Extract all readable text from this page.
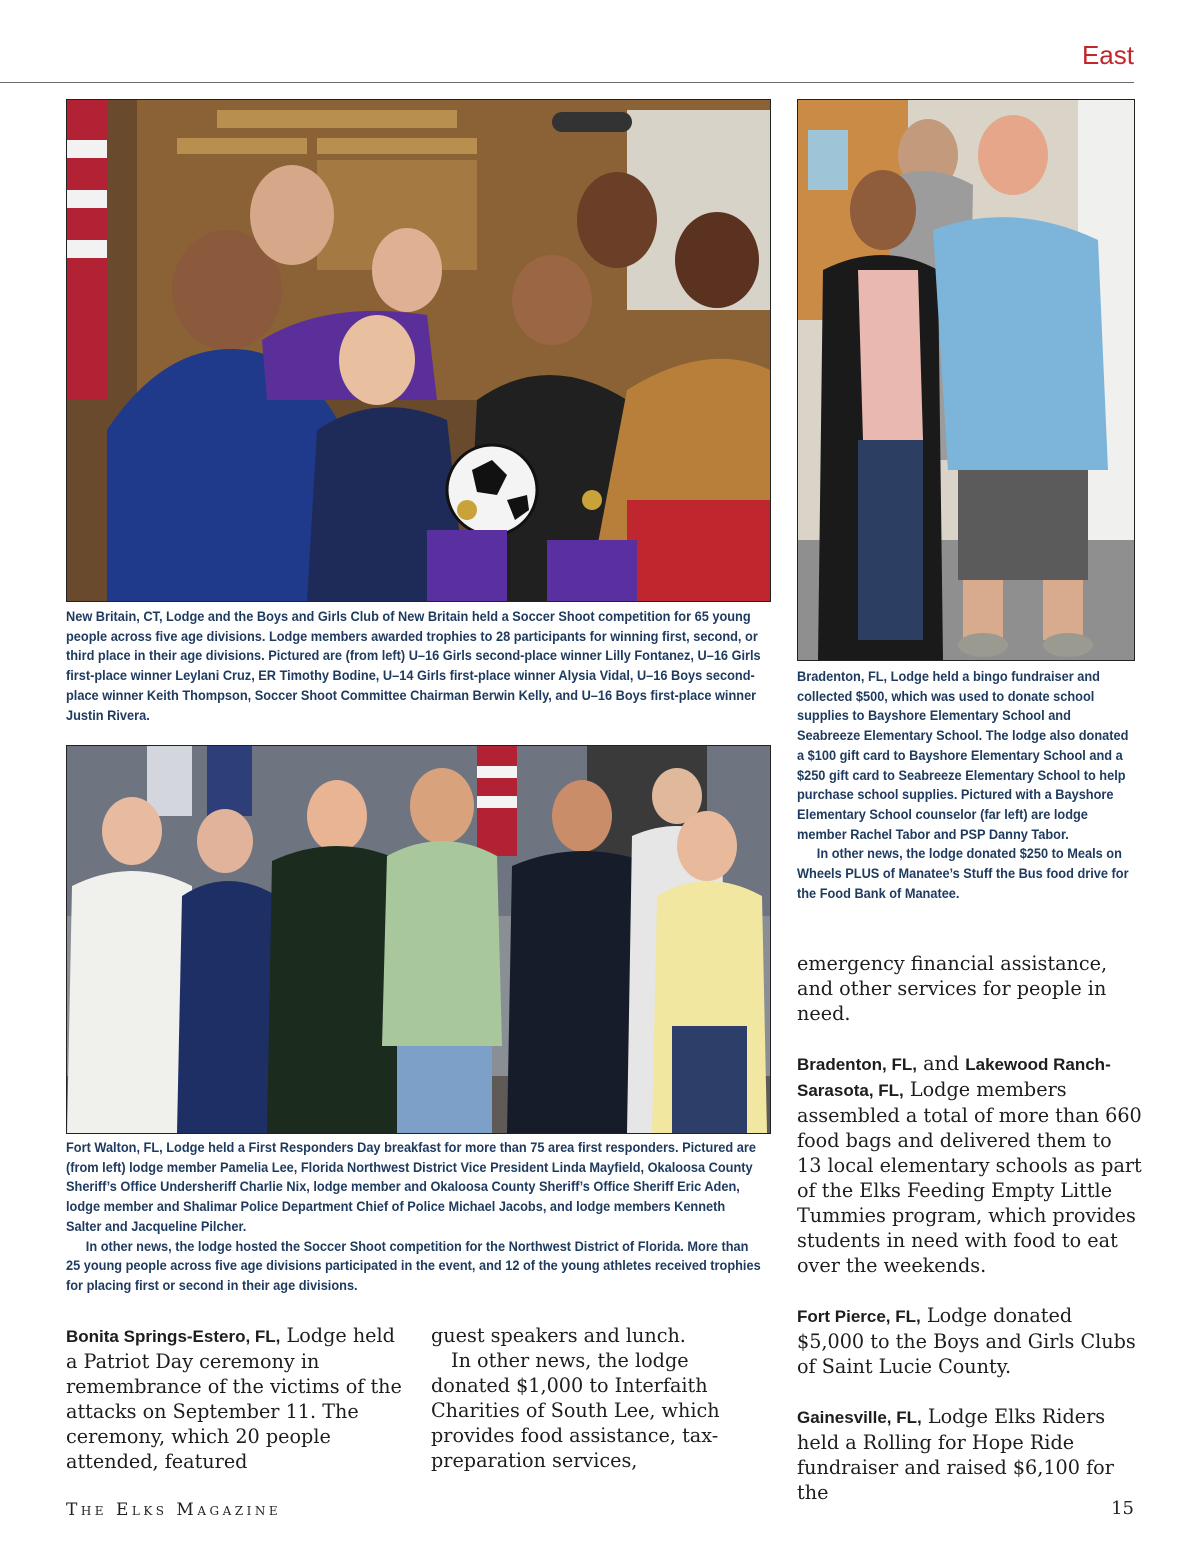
East

New Britain, CT, Lodge and the Boys and Girls Club of New Britain held a Soccer Shoot competition for 65 young people across five age divisions. Lodge members awarded trophies to 28 participants for winning first, second, or third place in their age divisions. Pictured are (from left) U–16 Girls second-place winner Lilly Fontanez, U–16 Girls first-place winner Leylani Cruz, ER Timothy Bodine, U–14 Girls first-place winner Alysia Vidal, U–16 Boys second-place winner Keith Thompson, Soccer Shoot Committee Chairman Berwin Kelly, and U–16 Boys first-place winner Justin Rivera.

Bradenton, FL, Lodge held a bingo fundraiser and collected $500, which was used to donate school supplies to Bayshore Elementary School and Seabreeze Elementary School. The lodge also donated a $100 gift card to Bayshore Elementary School and a $250 gift card to Seabreeze Elementary School to help purchase school supplies. Pictured with a Bayshore Elementary School counselor (far left) are lodge member Rachel Tabor and PSP Danny Tabor.
In other news, the lodge donated $250 to Meals on Wheels PLUS of Manatee’s Stuff the Bus food drive for the Food Bank of Manatee.

Fort Walton, FL, Lodge held a First Responders Day breakfast for more than 75 area first responders. Pictured are (from left) lodge member Pamelia Lee, Florida Northwest District Vice President Linda Mayfield, Okaloosa County Sheriff’s Office Undersheriff Charlie Nix, lodge member and Okaloosa County Sheriff’s Office Sheriff Eric Aden, lodge member and Shalimar Police Department Chief of Police Michael Jacobs, and lodge members Kenneth Salter and Jacqueline Pilcher.
In other news, the lodge hosted the Soccer Shoot competition for the Northwest District of Florida. More than 25 young people across five age divisions participated in the event, and 12 of the young athletes received trophies for placing first or second in their age divisions.

Bonita Springs-Estero, FL, Lodge held a Patriot Day ceremony in remembrance of the victims of the attacks on September 11. The ceremony, which 20 people attended, featured

guest speakers and lunch.

In other news, the lodge donated $1,000 to Interfaith Charities of South Lee, which provides food assistance, tax-preparation services,

emergency financial assistance, and other services for people in need.

Bradenton, FL, and Lakewood Ranch-Sarasota, FL, Lodge members assembled a total of more than 660 food bags and delivered them to 13 local elementary schools as part of the Elks Feeding Empty Little Tummies program, which provides students in need with food to eat over the weekends.

Fort Pierce, FL, Lodge donated $5,000 to the Boys and Girls Clubs of Saint Lucie County.

Gainesville, FL, Lodge Elks Riders held a Rolling for Hope Ride fundraiser and raised $6,100 for the

The Elks Magazine	15
